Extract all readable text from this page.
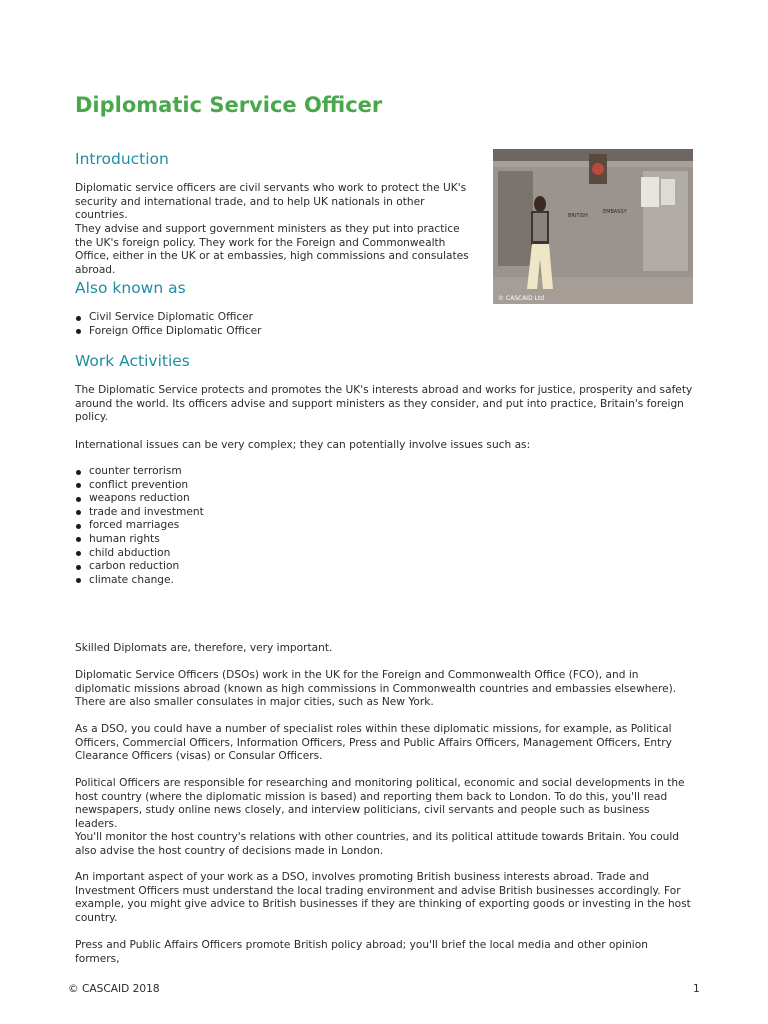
Diplomatic Service Officer
Introduction

Diplomatic service officers are civil servants who work to protect the UK's security and international trade, and to help UK nationals in other countries.

They advise and support government ministers as they put into practice the UK's foreign policy. They work for the Foreign and Commonwealth Office, either in the UK or at embassies, high commissions and consulates abroad.

BRITISH
EMBASSY
© CASCAID Ltd
Also known as
Civil Service Diplomatic Officer
Foreign Office Diplomatic Officer
Work Activities

The Diplomatic Service protects and promotes the UK's interests abroad and works for justice, prosperity and safety around the world. Its officers advise and support ministers as they consider, and put into practice, Britain's foreign policy.

International issues can be very complex; they can potentially involve issues such as:

counter terrorism
conflict prevention
weapons reduction
trade and investment
forced marriages
human rights
child abduction
carbon reduction
climate change.

Skilled Diplomats are, therefore, very important.

Diplomatic Service Officers (DSOs) work in the UK for the Foreign and Commonwealth Office (FCO), and in diplomatic missions abroad (known as high commissions in Commonwealth countries and embassies elsewhere). There are also smaller consulates in major cities, such as New York.

As a DSO, you could have a number of specialist roles within these diplomatic missions, for example, as Political Officers, Commercial Officers, Information Officers, Press and Public Affairs Officers, Management Officers, Entry Clearance Officers (visas) or Consular Officers.

Political Officers are responsible for researching and monitoring political, economic and social developments in the host country (where the diplomatic mission is based) and reporting them back to London. To do this, you'll read newspapers, study online news closely, and interview politicians, civil servants and people such as business leaders.

You'll monitor the host country's relations with other countries, and its political attitude towards Britain. You could also advise the host country of decisions made in London.

An important aspect of your work as a DSO, involves promoting British business interests abroad. Trade and Investment Officers must understand the local trading environment and advise British businesses accordingly. For example, you might give advice to British businesses if they are thinking of exporting goods or investing in the host country.

Press and Public Affairs Officers promote British policy abroad; you'll brief the local media and other opinion formers,

© CASCAID 2018	1
